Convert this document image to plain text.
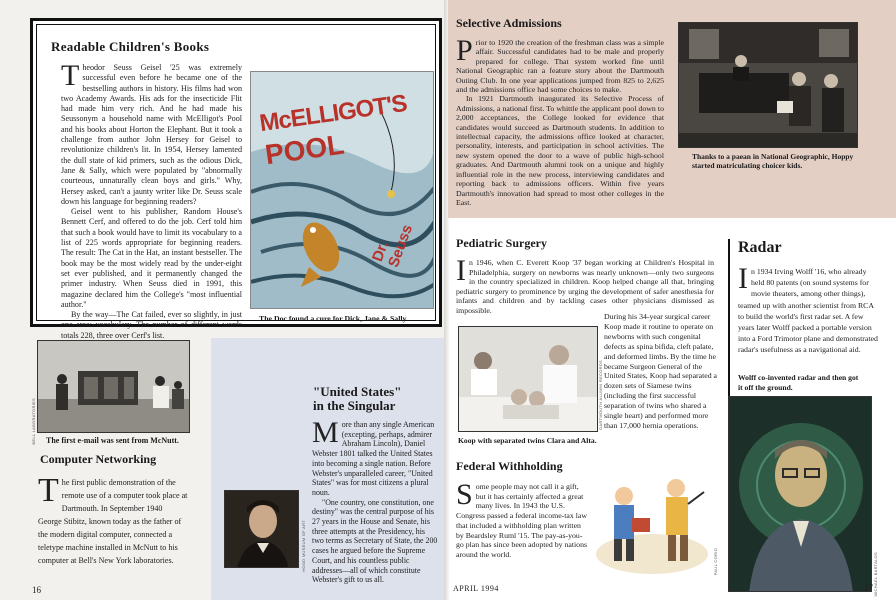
Readable Children's Books

Theodor Seuss Geisel '25 was extremely successful even before he became one of the bestselling authors in history. His films had won two Academy Awards. His ads for the insecticide Flit had made him very rich. And he had made his Seussonym a household name with McElligot's Pool and his books about Horton the Elephant. But it took a challenge from author John Hersey for Geisel to revolutionize children's lit. In 1954, Hersey lamented the dull state of kid primers, such as the odious Dick, Jane & Sally, which were populated by "abnormally courteous, unnaturally clean boys and girls." Why, Hersey asked, can't a jaunty writer like Dr. Seuss scale down his language for beginning readers?

Geisel went to his publisher, Random House's Bennett Cerf, and offered to do the job. Cerf told him that such a book would have to limit its vocabulary to a list of 225 words appropriate for beginning readers. The result: The Cat in the Hat, an instant bestseller. The book may be the most widely read by the under-eight set ever published, and it permanently changed the primer industry. When Seuss died in 1991, this magazine declared him the College's "most influential author."

By the way—The Cat failed, ever so slightly, in just one area: vocabulary. The number of different words totals 228, three over Cerf's list.

McELLIGOT'S
POOL
Dr. Seuss
The Doc found a cure for Dick, Jane & Sally.
BELL LABORATORIES The first e-mail was sent from McNutt.
Computer Networking

The first public demonstration of the remote use of a computer took place at Dartmouth. In September 1940 George Stibitz, known today as the father of the modern digital computer, connected a teletype machine installed in McNutt to his computer at Bell's New York laboratories.

"United States"
in the Singular

More than any single American (excepting, perhaps, admirer Abraham Lincoln), Daniel Webster 1801 talked the United States into becoming a single nation. Before Webster's unparalleled career, "United States" was for most citizens a plural noun.

"One country, one constitution, one destiny" was the central purpose of his 27 years in the House and Senate, his three attempts at the Presidency, his two terms as Secretary of State, the 200 cases he argued before the Supreme Court, and his countless public addresses—all of which constitute Webster's gift to us all.

HOOD MUSEUM OF ART
16
Selective Admissions

Prior to 1920 the creation of the freshman class was a simple affair. Successful candidates had to be male and properly prepared for college. That system worked fine until National Geographic ran a feature story about the Dartmouth Outing Club. In one year applications jumped from 825 to 2,625 and the admissions office had some choices to make.

In 1921 Dartmouth inaugurated its Selective Process of Admissions, a national first. To whittle the applicant pool down to 2,000 acceptances, the College looked for evidence that candidates would succeed as Dartmouth students. In addition to intellectual capacity, the admissions office looked at character, personality, interests, and participation in school activities. The new system opened the door to a wave of public high-school graduates. And Dartmouth alumni took on a unique and highly influential role in the new process, interviewing candidates and reporting back to admissions officers. Within five years Dartmouth's innovation had spread to most other colleges in the East.

Thanks to a paean in National Geographic, Hoppy started matriculating choicer kids.
Pediatric Surgery

In 1946, when C. Everett Koop '37 began working at Children's Hospital in Philadelphia, surgery on newborns was nearly unknown—only two surgeons in the country specialized in children. Koop helped change all that, bringing pediatric surgery to prominence by urging the development of safer anesthesia for infants and children and by tackling cases other physicians dismissed as impossible.

During his 34-year surgical career Koop made it routine to operate on newborns with such congenital defects as spina bifida, cleft palate, and deformed limbs. By the time he became Surgeon General of the United States, Koop had separated a dozen sets of Siamese twins (including the first successful separation of twins who shared a single heart) and performed more than 17,000 hernia operations.

DARTMOUTH ALUMNI RECORDS
Koop with separated twins Clara and Alta.
Federal Withholding

Some people may not call it a gift, but it has certainly affected a great many lives. In 1943 the U.S. Congress passed a federal income-tax law that included a withholding plan written by Beardsley Ruml '15. The pay-as-you-go plan has since been adopted by nations around the world.	PAUL CORIO
Radar

In 1934 Irving Wolff '16, who already held 80 patents (on sound systems for movie theaters, among other things), teamed up with another scientist from RCA to build the world's first radar set. A few years later Wolff packed a portable version into a Ford Trimotor plane and demonstrated radar's usefulness as a navigational aid.

Wolff co-invented radar and then got it off the ground.
MICHAEL BARTALOS
APRIL 1994	17
